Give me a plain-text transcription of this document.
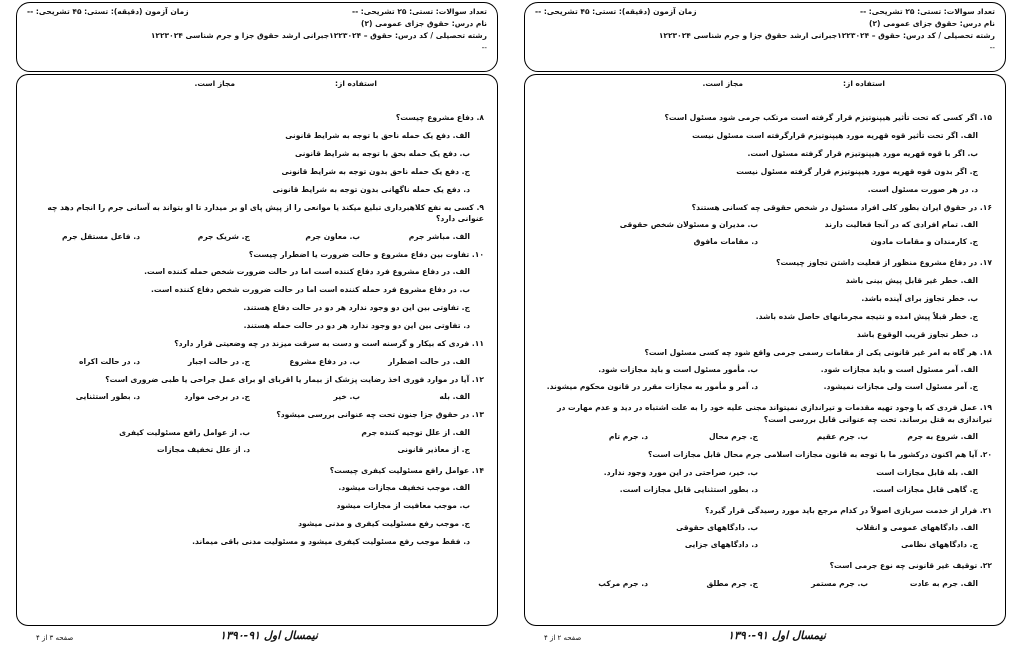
تعداد سوالات: تستی: ۲۵ تشریحی: --
زمان آزمون (دقیقه): تستی: ۴۵ تشریحی: --
نام درس: حقوق جزای عمومی (۲)
رشته تحصیلی / کد درس: حقوق – ۱۲۲۳۰۲۴جبرانی ارشد حقوق جزا و جرم شناسی ۱۲۲۳۰۲۴
--
استفاده از:
مجاز است.
۸. دفاع مشروع چیست؟
الف. دفع یک حمله ناحق با توجه به شرایط قانونی
ب. دفع یک حمله بحق با توجه به شرایط قانونی
ج. دفع یک حمله ناحق بدون توجه به شرایط قانونی
د. دفع یک حمله ناگهانی بدون توجه به شرایط قانونی
۹. کسی به نفع کلاهبرداری تبلیغ میکند یا موانعی را از پیش پای او بر میدارد تا او بتواند به آسانی جرم را انجام دهد چه عنوانی دارد؟
الف. مباشر جرم
ب. معاون جرم
ج. شریک جرم
د. فاعل مستقل جرم
۱۰. تفاوت بین دفاع مشروع و حالت ضرورت یا اضطرار چیست؟
الف. در دفاع مشروع فرد دفاع کننده است اما در حالت ضرورت شخص حمله کننده است.
ب. در دفاع مشروع فرد حمله کننده است اما در حالت ضرورت شخص دفاع کننده است.
ج. تفاوتی بین این دو وجود ندارد هر دو در حالت دفاع هستند.
د. تفاوتی بین این دو وجود ندارد هر دو در حالت حمله هستند.
۱۱. فردی که بیکار و گرسنه است و دست به سرقت میزند در چه وضعیتی قرار دارد؟
الف. در حالت اضطرار
ب. در دفاع مشروع
ج. در حالت اجبار
د. در حالت اکراه
۱۲. آیا در موارد فوری اخذ رضایت پزشک از بیمار یا اقربای او برای عمل جراحی یا طبی ضروری است؟
الف. بله
ب. خیر
ج. در برخی موارد
د. بطور استثنایی
۱۳. در حقوق جزا جنون تحت چه عنوانی بررسی میشود؟
الف. از علل توجیه کننده جرم
ب. از عوامل رافع مسئولیت کیفری
ج. از معاذیر قانونی
د. از علل تخفیف مجازات
۱۴. عوامل رافع مسئولیت کیفری چیست؟
الف. موجب تخفیف مجازات میشود.
ب. موجب معافیت از مجازات میشود
ج. موجب رفع مسئولیت کیفری و مدنی میشود
د. فقط موجب رفع مسئولیت کیفری میشود و مسئولیت مدنی باقی میماند.
نیمسال اول ۹۱-۱۳۹۰
صفحه ۳ از ۴
تعداد سوالات: تستی: ۲۵ تشریحی: --
زمان آزمون (دقیقه): تستی: ۴۵ تشریحی: --
نام درس: حقوق جزای عمومی (۲)
رشته تحصیلی / کد درس: حقوق – ۱۲۲۳۰۲۴جبرانی ارشد حقوق جزا و جرم شناسی ۱۲۲۳۰۲۴
--
استفاده از:
مجاز است.
۱۵. اگر کسی که تحت تأثیر هیپنوتیزم قرار گرفته است مرتکب جرمی شود مسئول است؟
الف. اگر تحت تأثیر قوه قهریه مورد هیپنوتیزم قرارگرفته است مسئول نیست
ب. اگر با قوه قهریه مورد هیپنوتیزم قرار گرفته مسئول است.
ج. اگر بدون قوه قهریه مورد هیپنوتیزم قرار گرفته مسئول نیست
د. در هر صورت مسئول است.
۱۶. در حقوق ایران بطور کلی افراد مسئول در شخص حقوقی چه کسانی هستند؟
الف. تمام افرادی که در آنجا فعالیت دارند
ب. مدیران و مسئولان شخص حقوقی
ج. کارمندان و مقامات مادون
د. مقامات مافوق
۱۷. در دفاع مشروع منظور از فعلیت داشتن تجاوز چیست؟
الف. خطر غیر قابل پیش بینی باشد
ب. خطر تجاوز برای آینده باشد.
ج. خطر قبلاً پیش امده و نتیجه مجرمانهای حاصل شده باشد.
د. خطر تجاوز قریب الوقوع باشد
۱۸. هر گاه به امر غیر قانونی یکی از مقامات رسمی جرمی واقع شود چه کسی مسئول است؟
الف. آمر مسئول است و باید مجازات شود.
ب. مأمور مسئول است و باید مجازات شود.
ج. آمر مسئول است ولی مجازات نمیشود.
د. آمر و مأمور به مجازات مقرر در قانون محکوم میشوند.
۱۹. عمل فردی که با وجود تهیه مقدمات و تیراندازی نمیتواند مجنی علیه خود را به علت اشتباه در دید و عدم مهارت در تیراندازی به قتل برساند. تحت چه عنوانی قابل بررسی است؟
الف. شروع به جرم
ب. جرم عقیم
ج. جرم محال
د. جرم تام
۲۰. آیا هم اکنون درکشور ما با توجه به قانون مجازات اسلامی جرم محال قابل مجازات است؟
الف. بله قابل مجازات است
ب. خیر، صراحتی در این مورد وجود ندارد.
ج. گاهی قابل مجازات است.
د. بطور استثنایی قابل مجازات است.
۲۱. فرار از خدمت سربازی اصولاً در کدام مرجع باید مورد رسیدگی قرار گیرد؟
الف. دادگاههای عمومی و انقلاب
ب. دادگاههای حقوقی
ج. دادگاههای نظامی
د. دادگاههای جزایی
۲۲. توقیف غیر قانونی چه نوع جرمی است؟
الف. جرم به عادت
ب. جرم مستمر
ج. جرم مطلق
د. جرم مرکب
نیمسال اول ۹۱-۱۳۹۰
صفحه ۲ از ۴
